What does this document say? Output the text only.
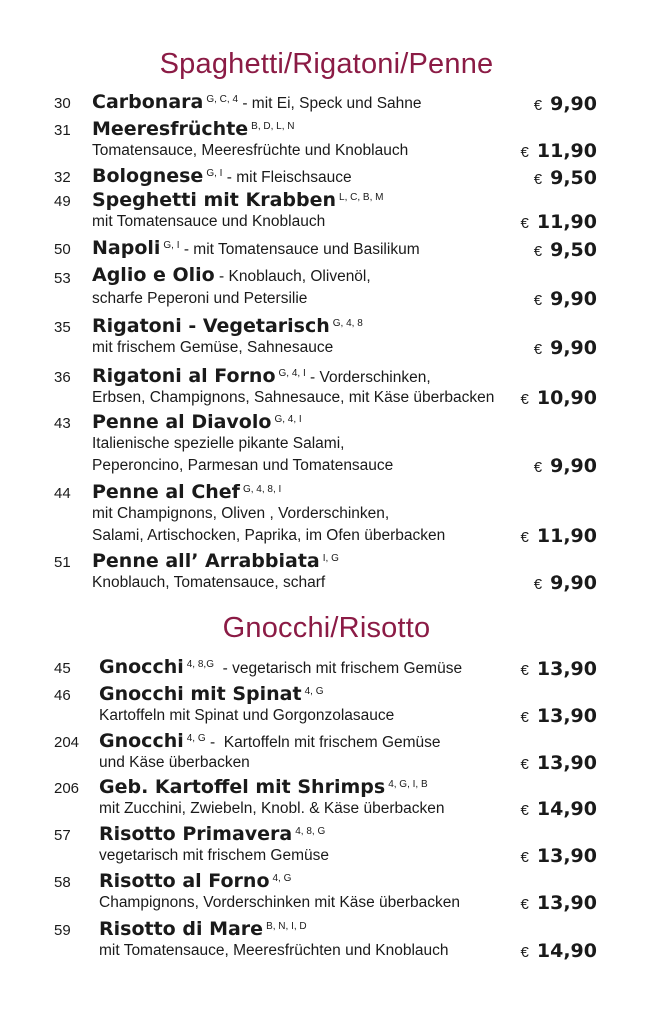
Spaghetti/Rigatoni/Penne
Gnocchi/Risotto
30 Carbonara $^{G, C, 4}$ - mit Ei, Speck und Sahne	€ 9,90
31 Meeresfrüchte $^{B, D, L, N}$
Tomatensauce, Meeresfrüchte und Knoblauch	€ 11,90
32 Bolognese $^{G, I}$ - mit Fleischsauce	€ 9,50
49 Speghetti mit Krabben $^{L, C, B, M}$
mit Tomatensauce und Knoblauch	€ 11,90
50 Napoli $^{G, I}$ - mit Tomatensauce und Basilikum	€ 9,50
53 Aglio e Olio - Knoblauch, Olivenöl,
scharfe Peperoni und Petersilie	€ 9,90
35 Rigatoni - Vegetarisch $^{G, 4, 8}$
mit frischem Gemüse, Sahnesauce	€ 9,90
36 Rigatoni al Forno $^{G, 4, I}$ - Vorderschinken,
Erbsen, Champignons, Sahnesauce, mit Käse überbacken € 10,90
43 Penne al Diavolo $^{G, 4, I}$
Italienische spezielle pikante Salami,
Peperoncino, Parmesan und Tomatensauce	€ 9,90
44 Penne al Chef $^{G, 4, 8, I}$
mit Champignons, Oliven , Vorderschinken,
Salami, Artischocken, Paprika, im Ofen überbacken	€ 11,90
51 Penne all’ Arrabbiata $^{I, G}$
Knoblauch, Tomatensauce, scharf	€ 9,90
45 Gnocchi $^{4, 8,G}$  - vegetarisch mit frischem Gemüse	€ 13,90
46 Gnocchi mit Spinat $^{4, G}$
Kartoffeln mit Spinat und Gorgonzolasauce	€ 13,90
204 Gnocchi $^{4, G}$ -  Kartoffeln mit frischem Gemüse
und Käse überbacken	€ 13,90
206 Geb. Kartoffel mit Shrimps $^{4, G, I, B}$
mit Zucchini, Zwiebeln, Knobl. & Käse überbacken	€ 14,90
57 Risotto Primavera $^{4, 8, G}$
vegetarisch mit frischem Gemüse	€ 13,90
58 Risotto al Forno $^{4, G}$
Champignons, Vorderschinken mit Käse überbacken	€ 13,90
59 Risotto di Mare $^{B, N, I, D}$
mit Tomatensauce, Meeresfrüchten und Knoblauch	€ 14,90
